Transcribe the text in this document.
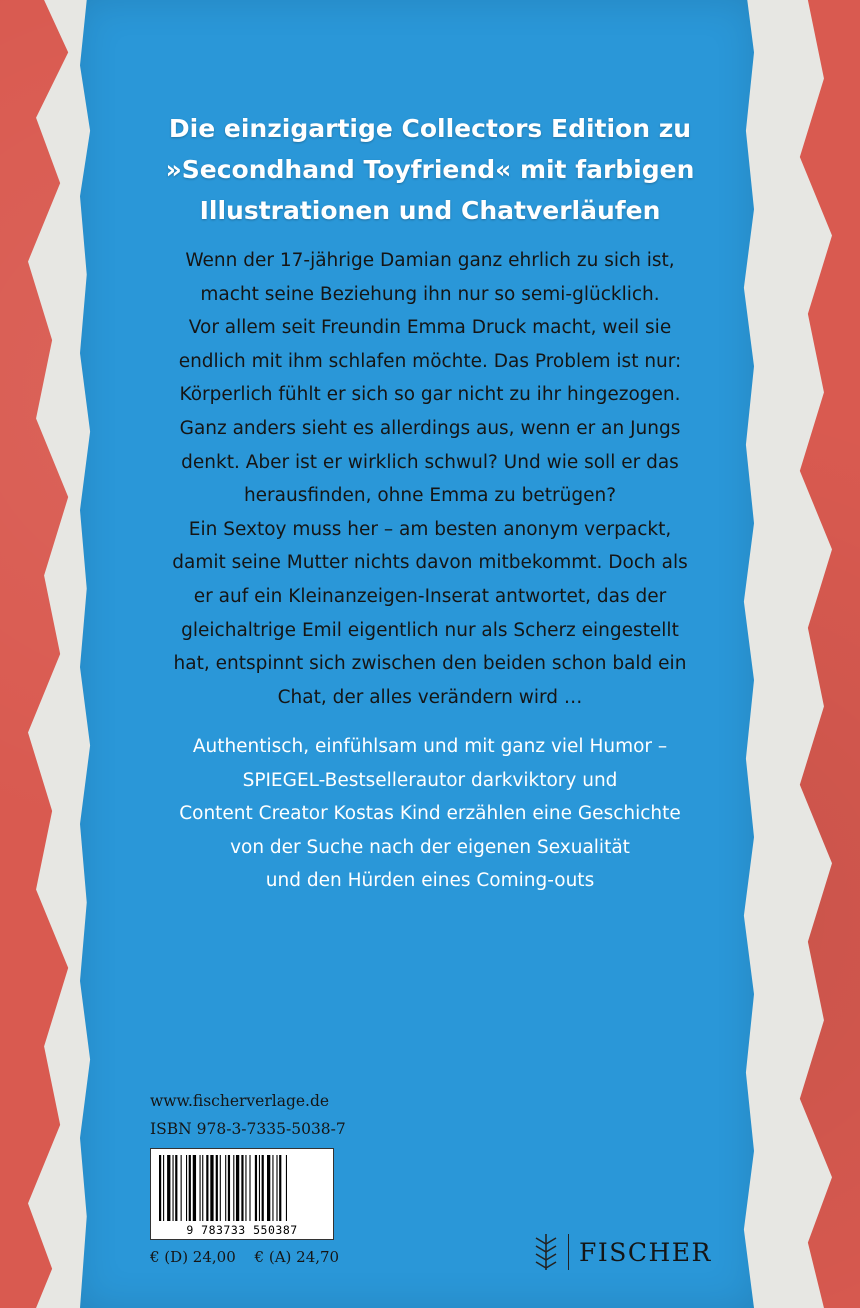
Die einzigartige Collectors Edition zu
»Secondhand Toyfriend« mit farbigen
Illustrationen und Chatverläufen

Wenn der 17-jährige Damian ganz ehrlich zu sich ist,
macht seine Beziehung ihn nur so semi-glücklich.
Vor allem seit Freundin Emma Druck macht, weil sie
endlich mit ihm schlafen möchte. Das Problem ist nur:
Körperlich fühlt er sich so gar nicht zu ihr hingezogen.
Ganz anders sieht es allerdings aus, wenn er an Jungs
denkt. Aber ist er wirklich schwul? Und wie soll er das
herausfinden, ohne Emma zu betrügen?
Ein Sextoy muss her – am besten anonym verpackt,
damit seine Mutter nichts davon mitbekommt. Doch als
er auf ein Kleinanzeigen-Inserat antwortet, das der
gleichaltrige Emil eigentlich nur als Scherz eingestellt
hat, entspinnt sich zwischen den beiden schon bald ein
Chat, der alles verändern wird …

Authentisch, einfühlsam und mit ganz viel Humor –
SPIEGEL-Bestsellerautor darkviktory und
Content Creator Kostas Kind erzählen eine Geschichte
von der Suche nach der eigenen Sexualität
und den Hürden eines Coming-outs

www.fischerverlage.de
ISBN 978-3-7335-5038-7
9 783733 550387
€ (D) 24,00 € (A) 24,70	FISCHER
